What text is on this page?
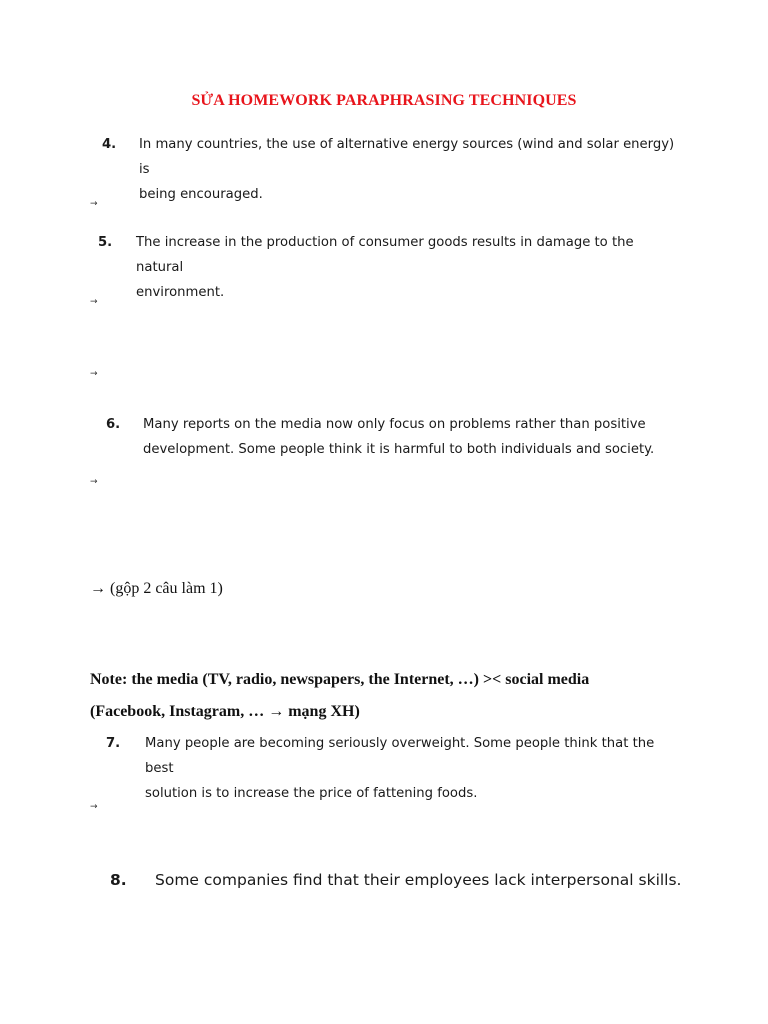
SỬA HOMEWORK PARAPHRASING TECHNIQUES
4. In many countries, the use of alternative energy sources (wind and solar energy) is
being encouraged.
→
5. The increase in the production of consumer goods results in damage to the natural
environment.
→
→
6. Many reports on the media now only focus on problems rather than positive
development. Some people think it is harmful to both individuals and society.
→
→ (gộp 2 câu làm 1)
Note: the media (TV, radio, newspapers, the Internet, …) >< social media
(Facebook, Instagram, … → mạng XH)
7. Many people are becoming seriously overweight. Some people think that the best
solution is to increase the price of fattening foods.
→
8. Some companies find that their employees lack interpersonal skills.
